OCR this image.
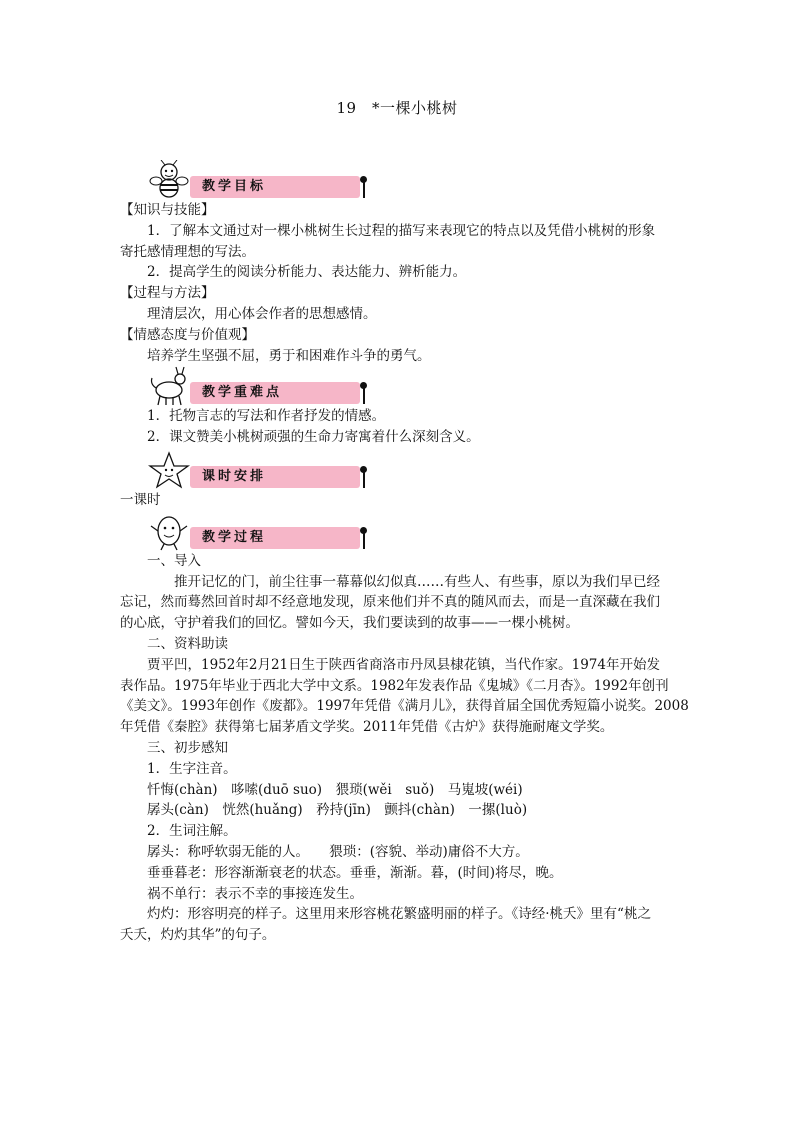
19　*一棵小桃树
教学目标
【知识与技能】
1．了解本文通过对一棵小桃树生长过程的描写来表现它的特点以及凭借小桃树的形象
寄托感情理想的写法。
2．提高学生的阅读分析能力、表达能力、辨析能力。
【过程与方法】
理清层次，用心体会作者的思想感情。
【情感态度与价值观】
培养学生坚强不屈，勇于和困难作斗争的勇气。
教学重难点
1．托物言志的写法和作者抒发的情感。
2．课文赞美小桃树顽强的生命力寄寓着什么深刻含义。
课时安排
一课时
教学过程
一、导入
推开记忆的门，前尘往事一幕幕似幻似真……有些人、有些事，原以为我们早已经
忘记，然而蓦然回首时却不经意地发现，原来他们并不真的随风而去，而是一直深藏在我们
的心底，守护着我们的回忆。譬如今天，我们要读到的故事——一棵小桃树。
二、资料助读
贾平凹，1952年2月21日生于陕西省商洛市丹凤县棣花镇，当代作家。1974年开始发
表作品。1975年毕业于西北大学中文系。1982年发表作品《鬼城》《二月杏》。1992年创刊
《美文》。1993年创作《废都》。1997年凭借《满月儿》，获得首届全国优秀短篇小说奖。2008
年凭借《秦腔》获得第七届茅盾文学奖。2011年凭借《古炉》获得施耐庵文学奖。
三、初步感知
1．生字注音。
忏悔(chàn)　哆嗦(duō suo)　猥琐(wěi　suǒ)　马嵬坡(wéi)
孱头(càn)　恍然(huǎng)　矜持(jīn)　颤抖(chàn)　一摞(luò)
2．生词注解。
孱头：称呼软弱无能的人。　　猥琐：(容貌、举动)庸俗不大方。
垂垂暮老：形容渐渐衰老的状态。垂垂，渐渐。暮，(时间)将尽，晚。
祸不单行：表示不幸的事接连发生。
灼灼：形容明亮的样子。这里用来形容桃花繁盛明丽的样子。《诗经·桃夭》里有“桃之
夭夭，灼灼其华”的句子。
